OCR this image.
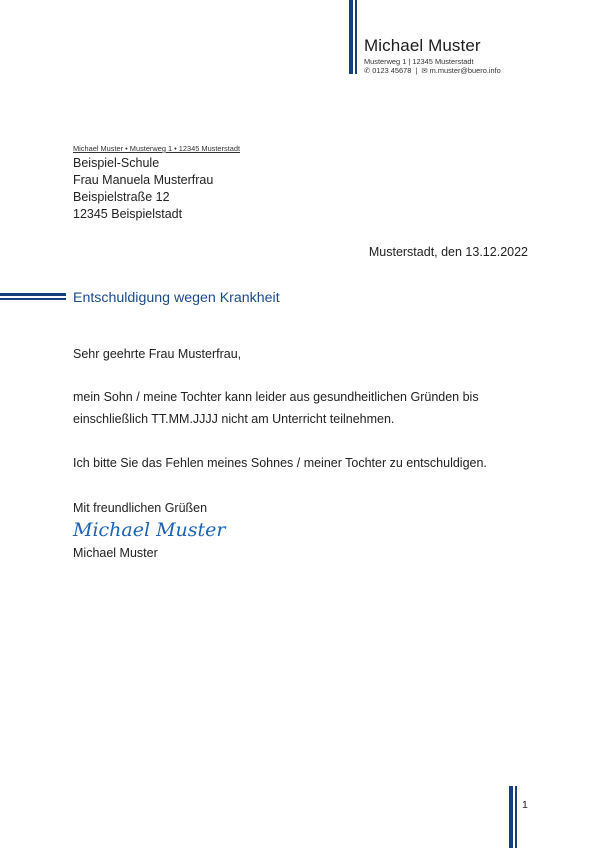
Michael Muster
Musterweg 1 | 12345 Musterstadt
✆ 0123 45678 | ✉ m.muster@buero.info
Michael Muster • Musterweg 1 • 12345 Musterstadt
Beispiel-Schule
Frau Manuela Musterfrau
Beispielstraße 12
12345 Beispielstadt
Musterstadt, den 13.12.2022
Entschuldigung wegen Krankheit
Sehr geehrte Frau Musterfrau,
mein Sohn / meine Tochter kann leider aus gesundheitlichen Gründen bis einschließlich TT.MM.JJJJ nicht am Unterricht teilnehmen.
Ich bitte Sie das Fehlen meines Sohnes / meiner Tochter zu entschuldigen.
Mit freundlichen Grüßen
Michael Muster
Michael Muster
1
